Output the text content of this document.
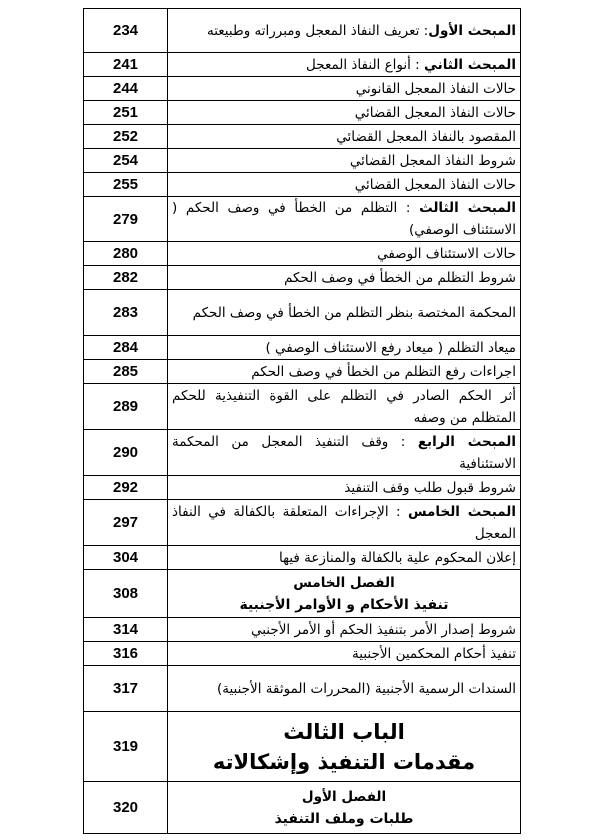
234	المبحث الأول: تعريف النفاذ المعجل ومبرراته وطبيعته
241	المبحث الثاني : أنواع النفاذ المعجل
244	حالات النفاذ المعجل القانوني
251	حالات النفاذ المعجل القضائي
252	المقصود بالنفاذ المعجل القضائي
254	شروط النفاذ المعجل القضائي
255	حالات النفاذ المعجل القضائي
279	المبحث الثالث : التظلم من الخطأ في وصف الحكم ( الاستئناف الوصفي)
280	حالات الاستئناف الوصفي
282	شروط التظلم من الخطأ في وصف الحكم
283	المحكمة المختصة بنظر التظلم من الخطأ في وصف الحكم
284	ميعاد التظلم ( ميعاد رفع الاستئناف الوصفي )
285	اجراءات رفع التظلم من الخطأ في وصف الحكم
289	أثر الحكم الصادر في التظلم على القوة التنفيذية للحكم المتظلم من وصفه
290	المبحث الرابع : وقف التنفيذ المعجل من المحكمة الاستئنافية
292	شروط قبول طلب وقف التنفيذ
297	المبحث الخامس : الإجراءات المتعلقة بالكفالة في النفاذ المعجل
304	إعلان المحكوم علية بالكفالة والمنازعة فيها
308	الفصل الخامس
تنفيذ الأحكام و الأوامر الأجنبية

314	شروط إصدار الأمر بتنفيذ الحكم أو الأمر الأجنبي
316	تنفيذ أحكام المحكمين الأجنبية
317	السندات الرسمية الأجنبية (المحررات الموثقة الأجنبية)
319	الباب الثالث
مقدمات التنفيذ وإشكالاته

320	الفصل الأول
طلبات وملف التنفيذ
